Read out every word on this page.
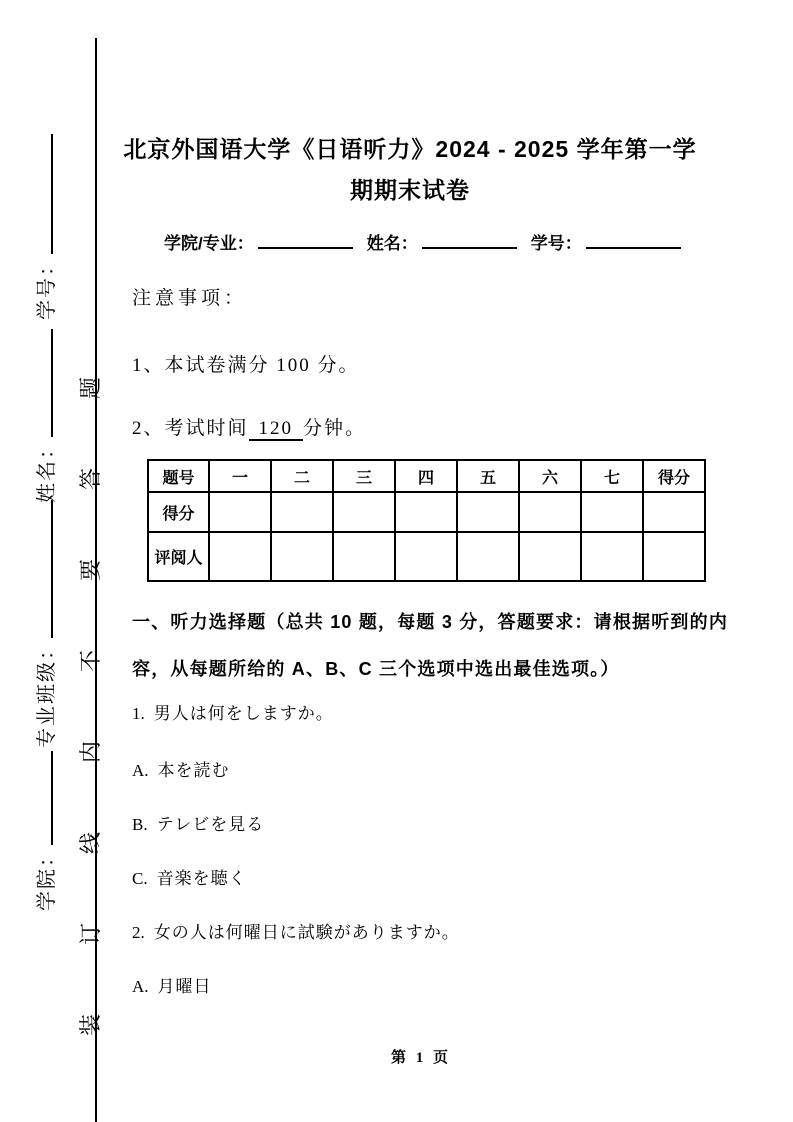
装订线内不要答题
学号：
姓名：
专业班级：
学院：
北京外国语大学《日语听力》2024 - 2025 学年第一学
期期末试卷
学院/专业：	姓名：	学号：
注意事项：
1、本试卷满分 100 分。
2、考试时间 120 分钟。
题号	一	二	三	四	五	六	七	得分
得分								
评阅人								
一、听力选择题（总共 10 题，每题 3 分，答题要求：请根据听到的内
容，从每题所给的 A、B、C 三个选项中选出最佳选项。）
1. 男人は何をしますか。
A. 本を読む
B. テレビを見る
C. 音楽を聴く
2. 女の人は何曜日に試験がありますか。
A. 月曜日
第 1 页
